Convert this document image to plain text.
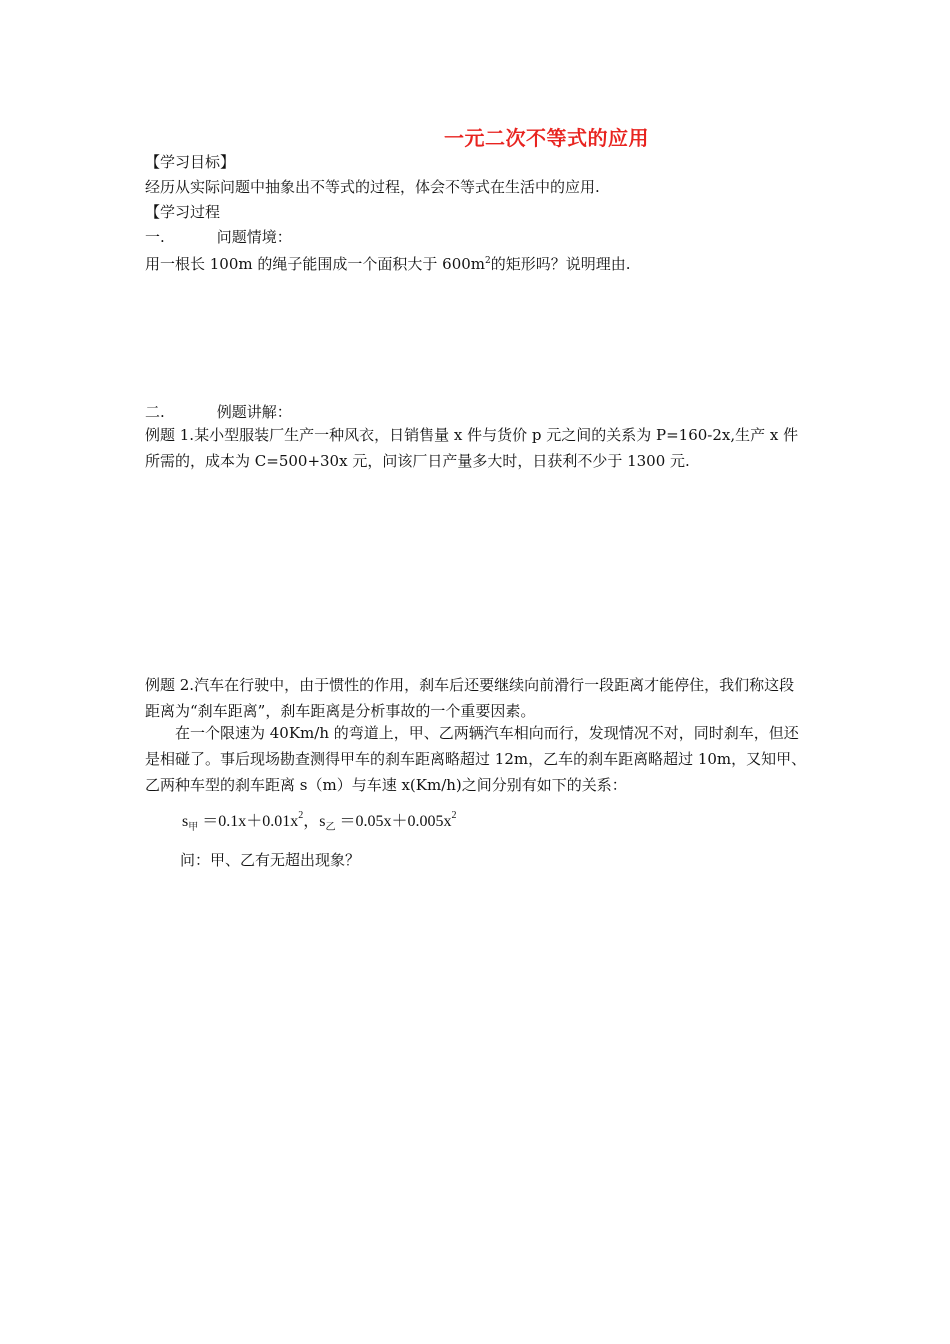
一元二次不等式的应用
【学习目标】
经历从实际问题中抽象出不等式的过程，体会不等式在生活中的应用.
【学习过程
一.	问题情境：
用一根长 100m 的绳子能围成一个面积大于 $600m^2$的矩形吗？说明理由.
二.	例题讲解：
例题 1.某小型服装厂生产一种风衣，日销售量 x 件与货价 p 元之间的关系为 P=160-2x,生产 x 件所需的，成本为 C=500+30x 元，问该厂日产量多大时，日获利不少于 1300 元.
例题 2.汽车在行驶中，由于惯性的作用，刹车后还要继续向前滑行一段距离才能停住，我们称这段距离为“刹车距离”，刹车距离是分析事故的一个重要因素。
在一个限速为 40Km/h 的弯道上，甲、乙两辆汽车相向而行，发现情况不对，同时刹车，但还是相碰了。事后现场勘查测得甲车的刹车距离略超过 12m，乙车的刹车距离略超过 10m，又知甲、乙两种车型的刹车距离 s（m）与车速 x(Km/h)之间分别有如下的关系：
$s_甲 =0.1x+0.01x^2$，$s_乙 =0.05x+0.005x^2$
问：甲、乙有无超出现象？
